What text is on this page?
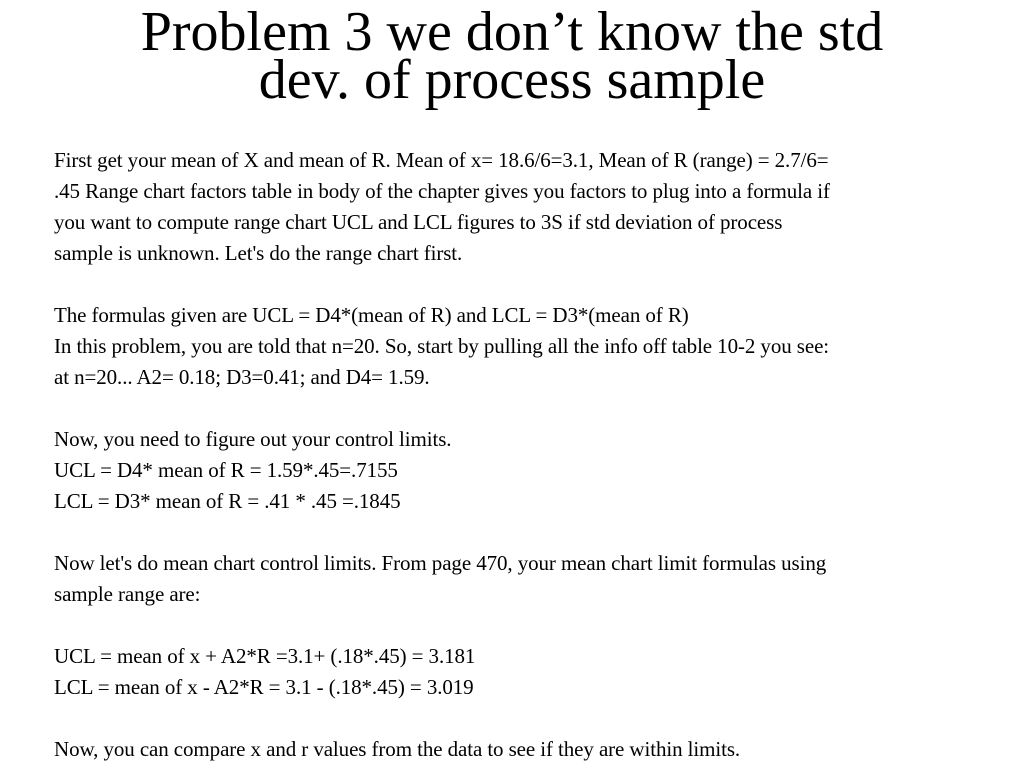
Problem 3 we don’t know the std
dev. of process sample
First get your mean of X and mean of R. Mean of x= 18.6/6=3.1, Mean of R (range) = 2.7/6=
.45 Range chart factors table in body of the chapter gives you factors to plug into a formula if
you want to compute range chart UCL and LCL figures to 3S if std deviation of process
sample is unknown. Let's do the range chart first.
The formulas given are UCL = D4*(mean of R) and LCL = D3*(mean of R)
In this problem, you are told that n=20. So, start by pulling all the info off table 10-2 you see:
at n=20... A2= 0.18; D3=0.41; and D4= 1.59.
Now, you need to figure out your control limits.
UCL = D4* mean of R = 1.59*.45=.7155
LCL = D3* mean of R = .41 * .45 =.1845
Now let's do mean chart control limits. From page 470, your mean chart limit formulas using
sample range are:
UCL = mean of x + A2*R =3.1+ (.18*.45) = 3.181
LCL = mean of x - A2*R = 3.1 - (.18*.45) = 3.019
Now, you can compare x and r values from the data to see if they are within limits.
